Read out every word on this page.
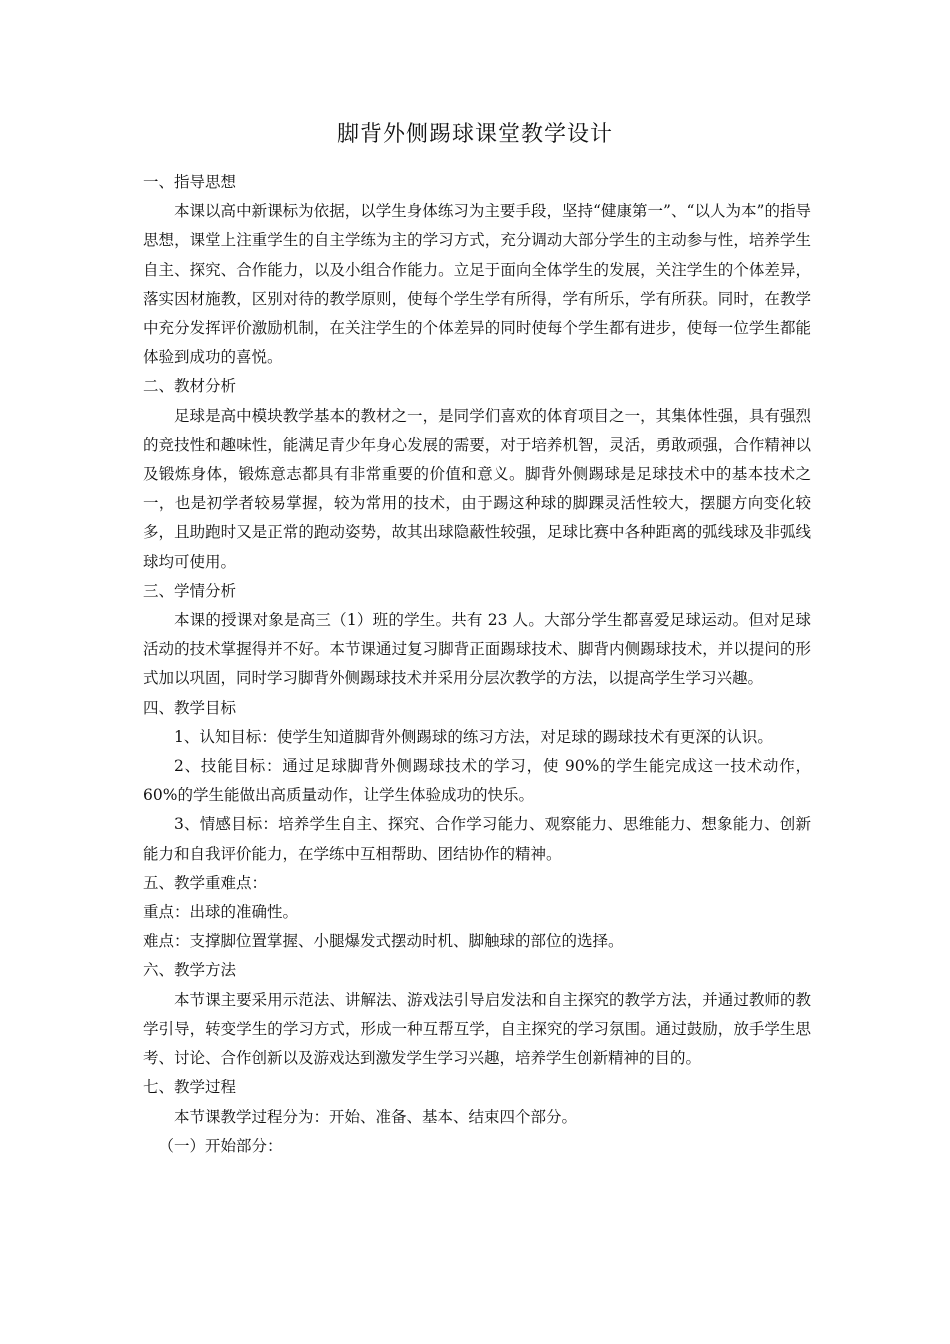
脚背外侧踢球课堂教学设计

一、指导思想

本课以高中新课标为依据，以学生身体练习为主要手段，坚持“健康第一”、“以人为本”的指导思想，课堂上注重学生的自主学练为主的学习方式，充分调动大部分学生的主动参与性，培养学生自主、探究、合作能力，以及小组合作能力。立足于面向全体学生的发展，关注学生的个体差异，落实因材施教，区别对待的教学原则，使每个学生学有所得，学有所乐，学有所获。同时，在教学中充分发挥评价激励机制，在关注学生的个体差异的同时使每个学生都有进步，使每一位学生都能体验到成功的喜悦。

二、教材分析

足球是高中模块教学基本的教材之一，是同学们喜欢的体育项目之一，其集体性强，具有强烈的竞技性和趣味性，能满足青少年身心发展的需要，对于培养机智，灵活，勇敢顽强，合作精神以及锻炼身体，锻炼意志都具有非常重要的价值和意义。脚背外侧踢球是足球技术中的基本技术之一，也是初学者较易掌握，较为常用的技术，由于踢这种球的脚踝灵活性较大，摆腿方向变化较多，且助跑时又是正常的跑动姿势，故其出球隐蔽性较强，足球比赛中各种距离的弧线球及非弧线球均可使用。

三、学情分析

本课的授课对象是高三（1）班的学生。共有 23 人。大部分学生都喜爱足球运动。但对足球活动的技术掌握得并不好。本节课通过复习脚背正面踢球技术、脚背内侧踢球技术，并以提问的形式加以巩固，同时学习脚背外侧踢球技术并采用分层次教学的方法，以提高学生学习兴趣。

四、教学目标

1、认知目标：使学生知道脚背外侧踢球的练习方法，对足球的踢球技术有更深的认识。

2、技能目标：通过足球脚背外侧踢球技术的学习，使 90%的学生能完成这一技术动作，60%的学生能做出高质量动作，让学生体验成功的快乐。

3、情感目标：培养学生自主、探究、合作学习能力、观察能力、思维能力、想象能力、创新能力和自我评价能力，在学练中互相帮助、团结协作的精神。

五、教学重难点：

重点：出球的准确性。

难点：支撑脚位置掌握、小腿爆发式摆动时机、脚触球的部位的选择。

六、教学方法

本节课主要采用示范法、讲解法、游戏法引导启发法和自主探究的教学方法，并通过教师的教学引导，转变学生的学习方式，形成一种互帮互学，自主探究的学习氛围。通过鼓励，放手学生思考、讨论、合作创新以及游戏达到激发学生学习兴趣，培养学生创新精神的目的。

七、教学过程

本节课教学过程分为：开始、准备、基本、结束四个部分。

（一）开始部分：
